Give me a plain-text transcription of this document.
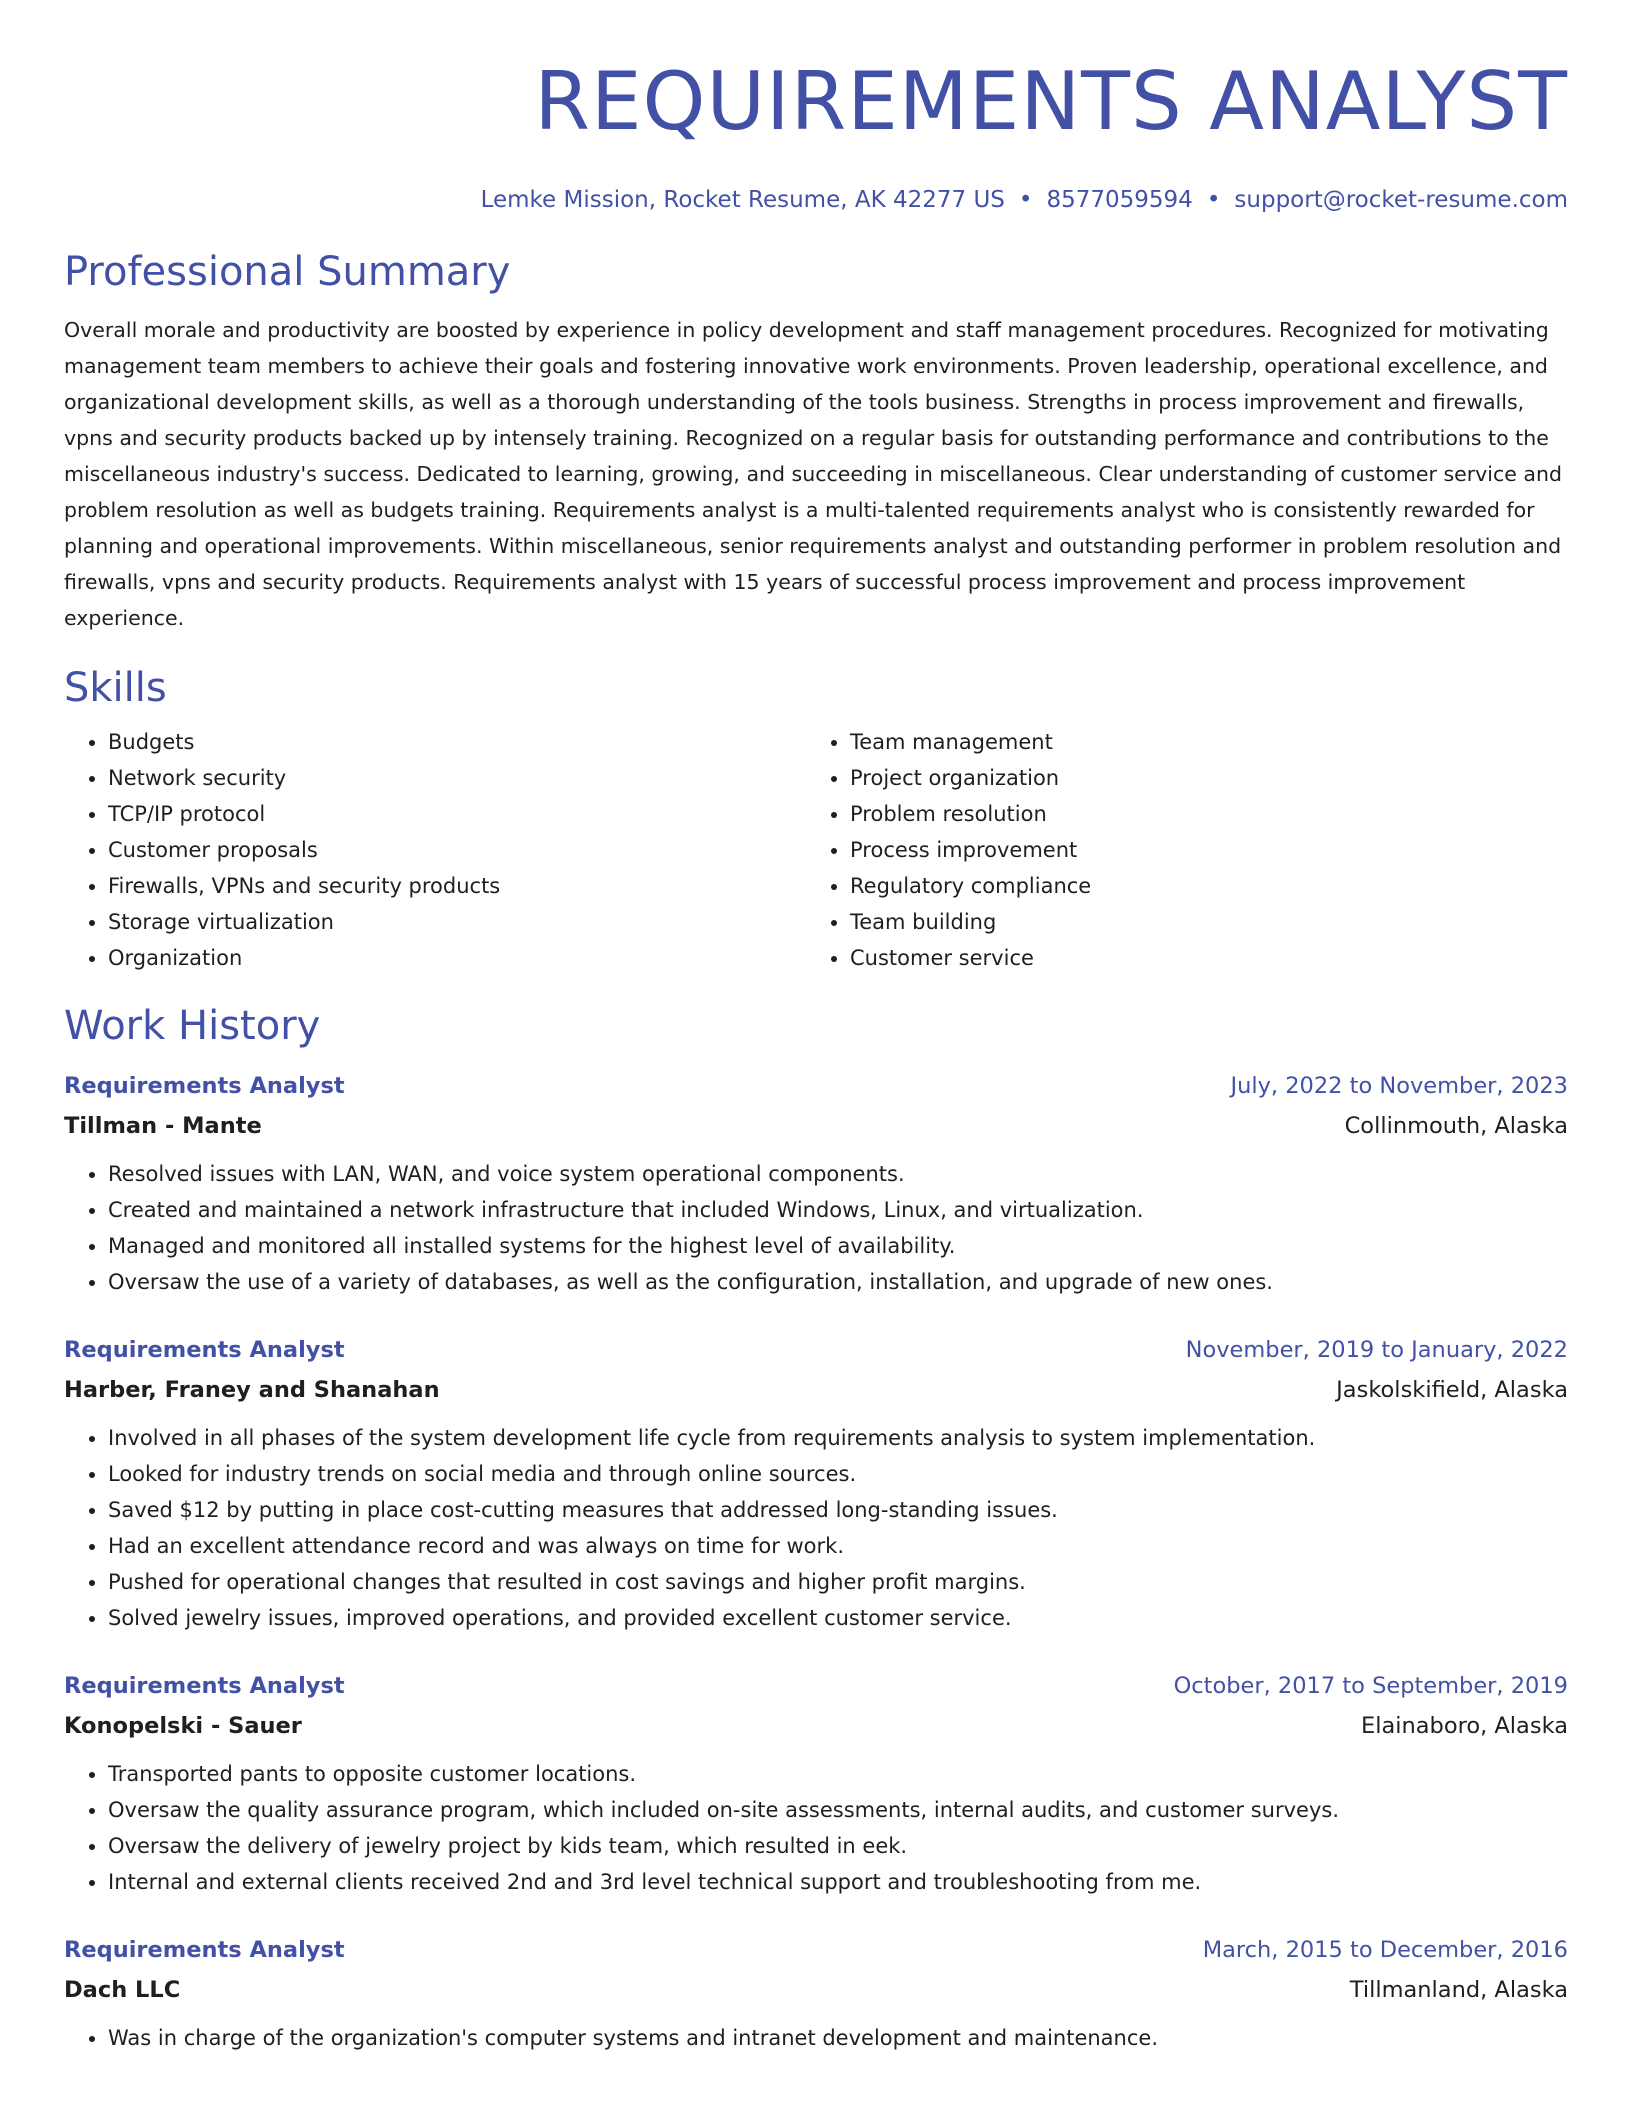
REQUIREMENTS ANALYST
Lemke Mission, Rocket Resume, AK 42277 US • 8577059594 • support@rocket-resume.com
Professional Summary
Overall morale and productivity are boosted by experience in policy development and staff management procedures. Recognized for motivating management team members to achieve their goals and fostering innovative work environments. Proven leadership, operational excellence, and organizational development skills, as well as a thorough understanding of the tools business. Strengths in process improvement and firewalls, vpns and security products backed up by intensely training. Recognized on a regular basis for outstanding performance and contributions to the miscellaneous industry's success. Dedicated to learning, growing, and succeeding in miscellaneous. Clear understanding of customer service and problem resolution as well as budgets training. Requirements analyst is a multi-talented requirements analyst who is consistently rewarded for planning and operational improvements. Within miscellaneous, senior requirements analyst and outstanding performer in problem resolution and firewalls, vpns and security products. Requirements analyst with 15 years of successful process improvement and process improvement experience.
Skills
• Budgets
• Network security
• TCP/IP protocol
• Customer proposals
• Firewalls, VPNs and security products
• Storage virtualization
• Organization
• Team management
• Project organization
• Problem resolution
• Process improvement
• Regulatory compliance
• Team building
• Customer service
Work History
Requirements Analyst	July, 2022 to November, 2023
Tillman - Mante	Collinmouth, Alaska
• Resolved issues with LAN, WAN, and voice system operational components.
• Created and maintained a network infrastructure that included Windows, Linux, and virtualization.
• Managed and monitored all installed systems for the highest level of availability.
• Oversaw the use of a variety of databases, as well as the configuration, installation, and upgrade of new ones.
Requirements Analyst	November, 2019 to January, 2022
Harber, Franey and Shanahan	Jaskolskifield, Alaska
• Involved in all phases of the system development life cycle from requirements analysis to system implementation.
• Looked for industry trends on social media and through online sources.
• Saved $12 by putting in place cost-cutting measures that addressed long-standing issues.
• Had an excellent attendance record and was always on time for work.
• Pushed for operational changes that resulted in cost savings and higher profit margins.
• Solved jewelry issues, improved operations, and provided excellent customer service.
Requirements Analyst	October, 2017 to September, 2019
Konopelski - Sauer	Elainaboro, Alaska
• Transported pants to opposite customer locations.
• Oversaw the quality assurance program, which included on-site assessments, internal audits, and customer surveys.
• Oversaw the delivery of jewelry project by kids team, which resulted in eek.
• Internal and external clients received 2nd and 3rd level technical support and troubleshooting from me.
Requirements Analyst	March, 2015 to December, 2016
Dach LLC	Tillmanland, Alaska
• Was in charge of the organization's computer systems and intranet development and maintenance.
